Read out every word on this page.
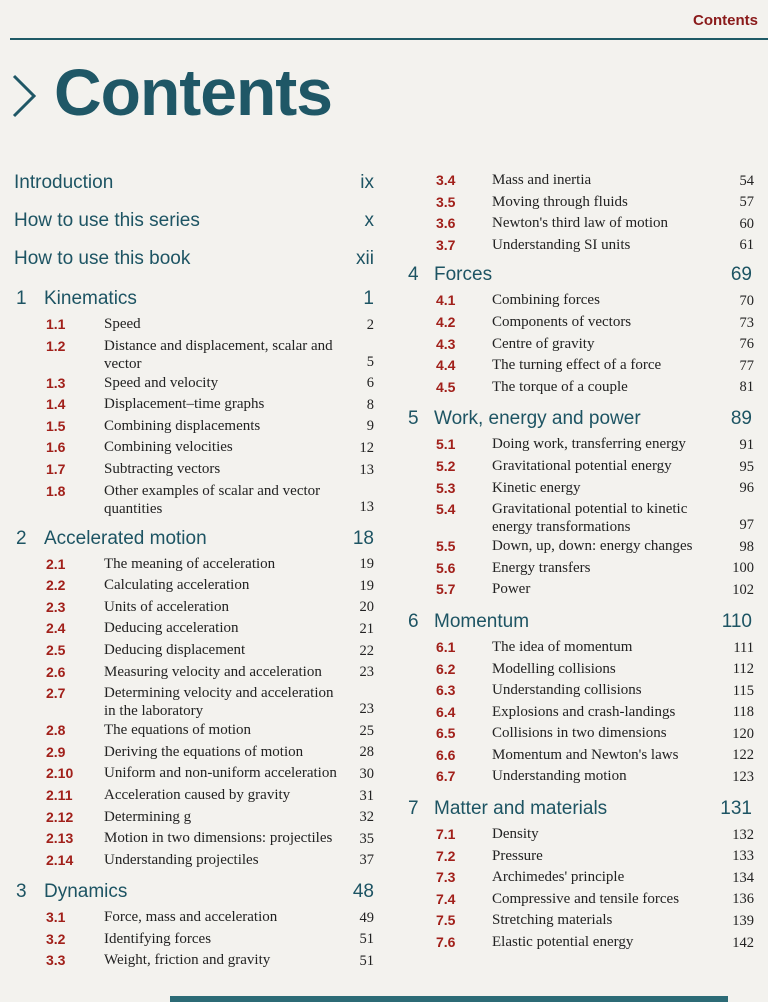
Contents
Contents
Introduction	ix
How to use this series	x
How to use this book	xii
1 Kinematics	1
1.1	Speed	2
1.2	Distance and displacement, scalar and vector	5
1.3	Speed and velocity	6
1.4	Displacement–time graphs	8
1.5	Combining displacements	9
1.6	Combining velocities	12
1.7	Subtracting vectors	13
1.8	Other examples of scalar and vector quantities	13
2 Accelerated motion	18
2.1	The meaning of acceleration	19
2.2	Calculating acceleration	19
2.3	Units of acceleration	20
2.4	Deducing acceleration	21
2.5	Deducing displacement	22
2.6	Measuring velocity and acceleration	23
2.7	Determining velocity and acceleration in the laboratory	23
2.8	The equations of motion	25
2.9	Deriving the equations of motion	28
2.10 Uniform and non-uniform acceleration	30
2.11 Acceleration caused by gravity	31
2.12 Determining g	32
2.13 Motion in two dimensions: projectiles	35
2.14 Understanding projectiles	37
3 Dynamics	48
3.1	Force, mass and acceleration	49
3.2	Identifying forces	51
3.3	Weight, friction and gravity	51
3.4 Mass and inertia	54
3.5 Moving through fluids	57
3.6 Newton's third law of motion	60
3.7 Understanding SI units	61
4 Forces	69
4.1 Combining forces	70
4.2 Components of vectors	73
4.3 Centre of gravity	76
4.4 The turning effect of a force	77
4.5 The torque of a couple	81
5 Work, energy and power	89
5.1 Doing work, transferring energy	91
5.2 Gravitational potential energy	95
5.3 Kinetic energy	96
5.4 Gravitational potential to kinetic energy transformations	97
5.5 Down, up, down: energy changes	98
5.6 Energy transfers	100
5.7 Power	102
6 Momentum	110
6.1 The idea of momentum	111
6.2 Modelling collisions	112
6.3 Understanding collisions	115
6.4 Explosions and crash-landings	118
6.5 Collisions in two dimensions	120
6.6 Momentum and Newton's laws	122
6.7 Understanding motion	123
7 Matter and materials	131
7.1 Density	132
7.2 Pressure	133
7.3 Archimedes' principle	134
7.4 Compressive and tensile forces	136
7.5 Stretching materials	139
7.6 Elastic potential energy	142
